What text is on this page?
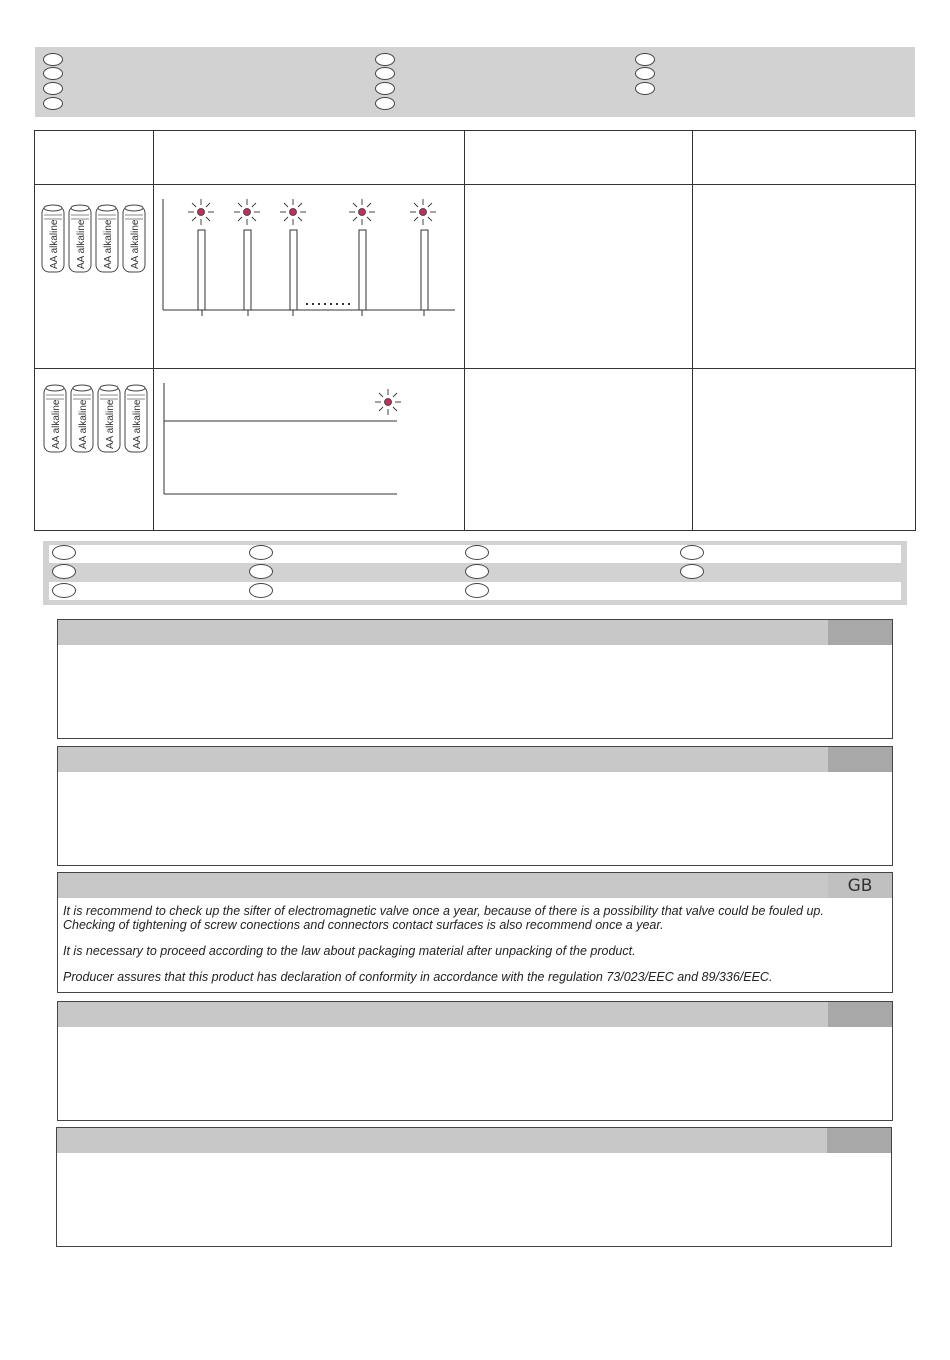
AA alkaline AA alkaline AA alkaline AA alkaline

AA alkaline AA alkaline AA alkaline AA alkaline

GB
It is recommend to check up the sifter of electromagnetic valve once a year, because of there is a possibility that valve could be fouled up.
Checking of tightening of screw conections and connectors contact surfaces is also recommend once a year.
It is necessary to proceed according to the law about packaging material after unpacking of the product.
Producer assures that this product has declaration of conformity in accordance with the regulation 73/023/EEC and 89/336/EEC.
